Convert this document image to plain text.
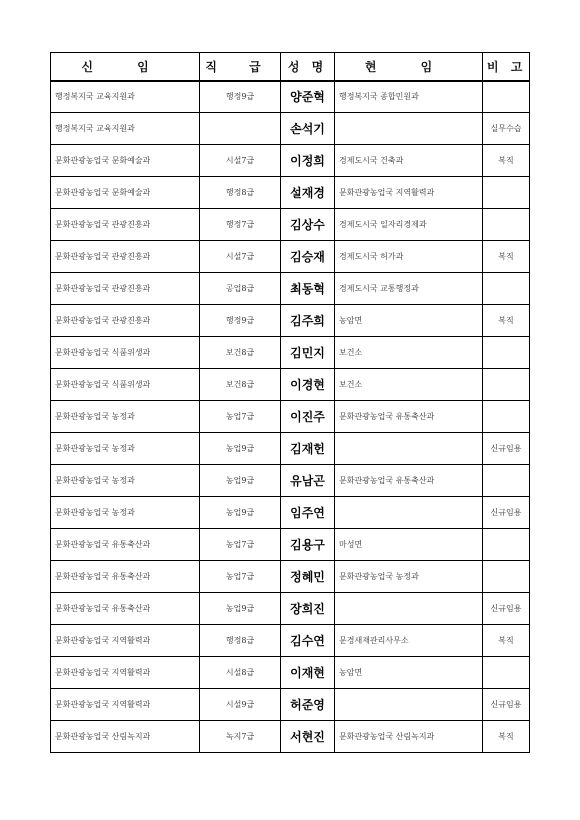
신 임	직 급	성 명	현 임	비 고
행정복지국 교육지원과	행정9급	양준혁	행정복지국 종합민원과	
행정복지국 교육지원과		손석기		실무수습
문화관광농업국 문화예술과	시설7급	이정희	경제도시국 건축과	복직
문화관광농업국 문화예술과	행정8급	설재경	문화관광농업국 지역활력과	
문화관광농업국 관광진흥과	행정7급	김상수	경제도시국 일자리경제과	
문화관광농업국 관광진흥과	시설7급	김승재	경제도시국 허가과	복직
문화관광농업국 관광진흥과	공업8급	최동혁	경제도시국 교통행정과	
문화관광농업국 관광진흥과	행정9급	김주희	농암면	복직
문화관광농업국 식품위생과	보건8급	김민지	보건소	
문화관광농업국 식품위생과	보건8급	이경현	보건소	
문화관광농업국 농정과	농업7급	이진주	문화관광농업국 유통축산과	
문화관광농업국 농정과	농업9급	김재헌		신규임용
문화관광농업국 농정과	농업9급	유남곤	문화관광농업국 유통축산과	
문화관광농업국 농정과	농업9급	임주연		신규임용
문화관광농업국 유통축산과	농업7급	김용구	마성면	
문화관광농업국 유통축산과	농업7급	정혜민	문화관광농업국 농정과	
문화관광농업국 유통축산과	농업9급	장희진		신규임용
문화관광농업국 지역활력과	행정8급	김수연	문경새재관리사무소	복직
문화관광농업국 지역활력과	시설8급	이재현	농암면	
문화관광농업국 지역활력과	시설9급	허준영		신규임용
문화관광농업국 산림녹지과	녹지7급	서현진	문화관광농업국 산림녹지과	복직
